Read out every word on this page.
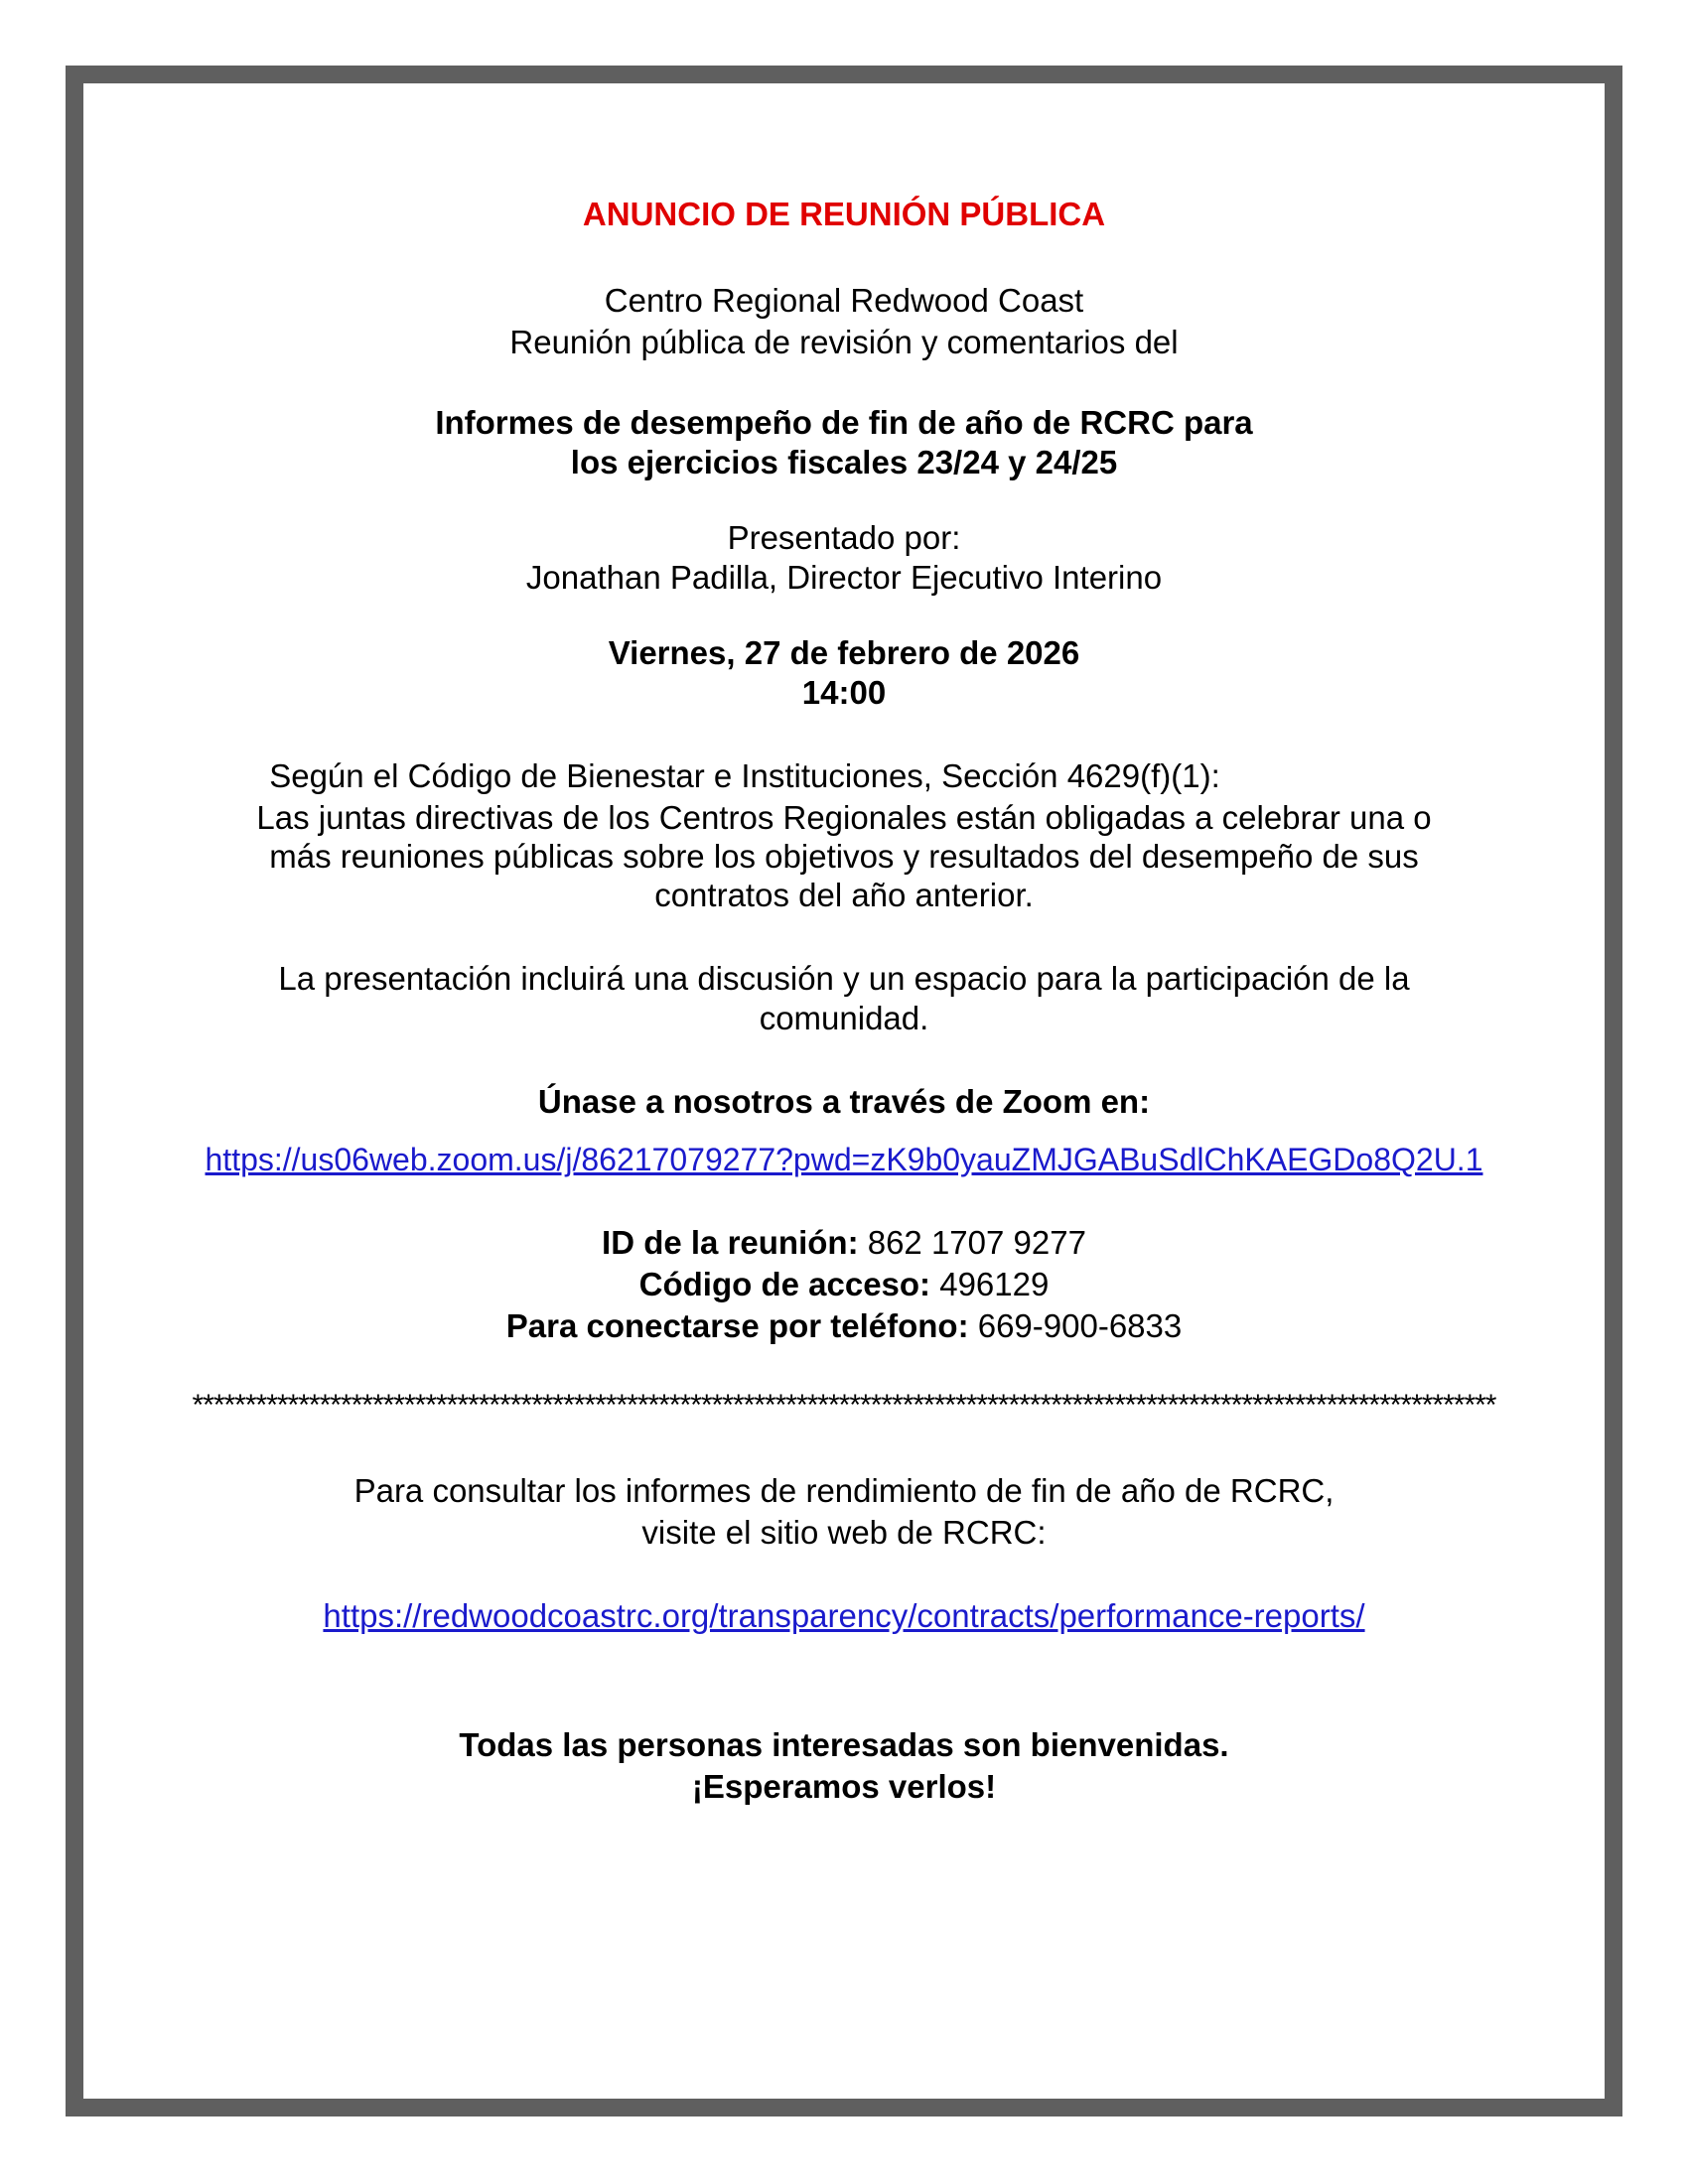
ANUNCIO DE REUNIÓN PÚBLICA
Centro Regional Redwood Coast
Reunión pública de revisión y comentarios del
Informes de desempeño de fin de año de RCRC para
los ejercicios fiscales 23/24 y 24/25
Presentado por:
Jonathan Padilla, Director Ejecutivo Interino
Viernes, 27 de febrero de 2026
14:00
Según el Código de Bienestar e Instituciones, Sección 4629(f)(1):
Las juntas directivas de los Centros Regionales están obligadas a celebrar una o
más reuniones públicas sobre los objetivos y resultados del desempeño de sus
contratos del año anterior.
La presentación incluirá una discusión y un espacio para la participación de la
comunidad.
Únase a nosotros a través de Zoom en:
https://us06web.zoom.us/j/86217079277?pwd=zK9b0yauZMJGABuSdlChKAEGDo8Q2U.1
ID de la reunión: 862 1707 9277
Código de acceso: 496129
Para conectarse por teléfono: 669-900-6833
***************************************************************************************************************************
Para consultar los informes de rendimiento de fin de año de RCRC,
visite el sitio web de RCRC:
https://redwoodcoastrc.org/transparency/contracts/performance-reports/
Todas las personas interesadas son bienvenidas.
¡Esperamos verlos!
